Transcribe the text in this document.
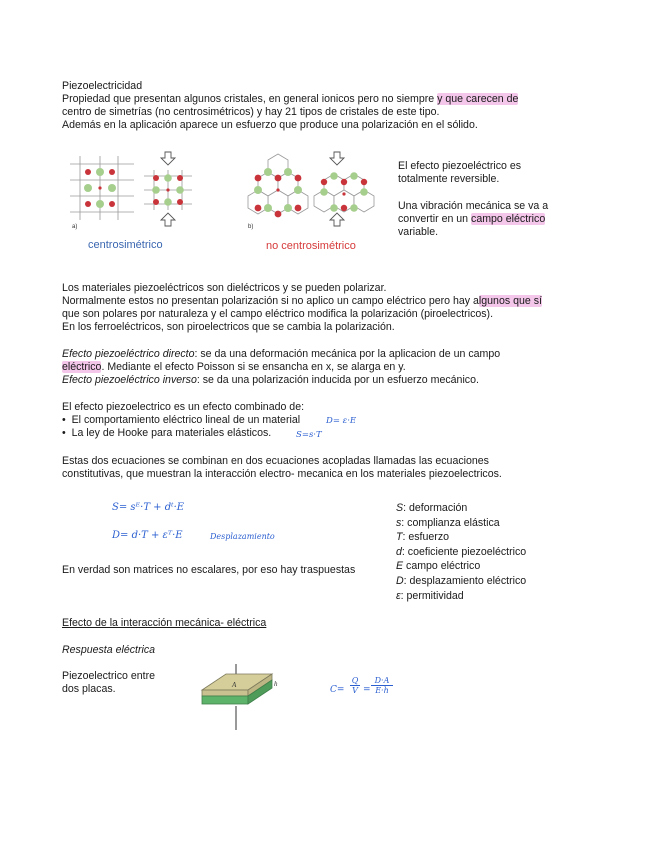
Piezoelectricidad
Propiedad que presentan algunos cristales, en general ionicos pero no siempre y que carecen de
centro de simetrías (no centrosimétricos) y hay 21 tipos de cristales de este tipo.
Además en la aplicación aparece un esfuerzo que produce una polarización en el sólido.
a)	b)
centrosimétrico	no centrosimétrico
El efecto piezoeléctrico es
totalmente reversible.
Una vibración mecánica se va a
convertir en un campo eléctrico
variable.
Los materiales piezoeléctricos son dieléctricos y se pueden polarizar.
Normalmente estos no presentan polarización si no aplico un campo eléctrico pero hay algunos que sí
que son polares por naturaleza y el campo eléctrico modifica la polarización (piroelectricos).
En los ferroeléctricos, son piroelectricos que se cambia la polarización.
Efecto piezoeléctrico directo: se da una deformación mecánica por la aplicacion de un campo
eléctrico. Mediante el efecto Poisson si se ensancha en x, se alarga en y.
Efecto piezoeléctrico inverso: se da una polarización inducida por un esfuerzo mecánico.
El efecto piezoelectrico es un efecto combinado de:
•  El comportamiento eléctrico lineal de un material	D= ε·E
•  La ley de Hooke para materiales elásticos.	S=s·T
Estas dos ecuaciones se combinan en dos ecuaciones acopladas llamadas las ecuaciones
constitutivas, que muestran la interacción electro- mecanica en los materiales piezoelectricos.
S= sᴱ·T + dᵗ·E
D= d·T + εᵀ·E	Desplazamiento
En verdad son matrices no escalares, por eso hay traspuestas
S: deformación
s: complianza elástica
T: esfuerzo
d: coeficiente piezoeléctrico
E campo eléctrico
D: desplazamiento eléctrico
ε: permitividad
Efecto de la interacción mecánica- eléctrica
Respuesta eléctrica
Piezoelectrico entre
dos placas.	A	h
C=
Q
V =
D·A
E·h
